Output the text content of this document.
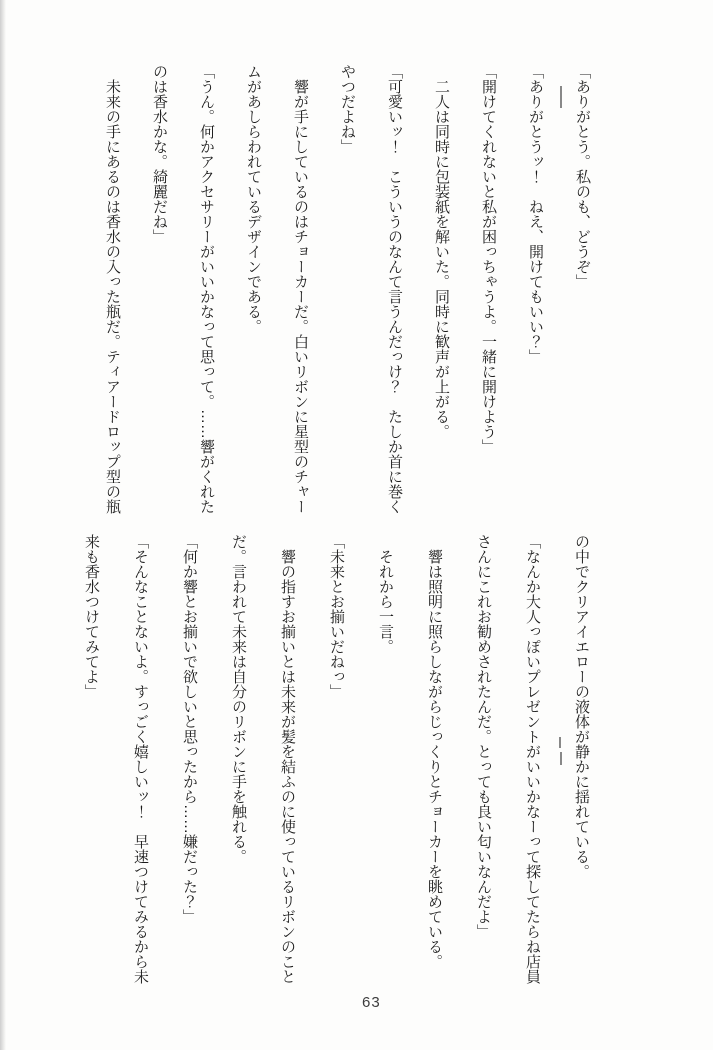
「ありがとう。私のも、どうぞ」
「ありがとうッ！　ねえ、開けてもいい？」
「開けてくれないと私が困っちゃうよ。一緒に開けよう」
二人は同時に包装紙を解いた。同時に歓声が上がる。
「可愛いッ！　こういうのなんて言うんだっけ？　たしか首に巻く
やつだよね」
響が手にしているのはチョーカーだ。白いリボンに星型のチャー
ムがあしらわれているデザインである。
「うん。何かアクセサリーがいいかなって思って。……響がくれた
のは香水かな。綺麗だね」
未来の手にあるのは香水の入った瓶だ。ティアードロップ型の瓶
の中でクリアイエローの液体が静かに揺れている。
「なんか大人っぽいプレゼントがいいかなーって探してたらね店員
さんにこれお勧めされたんだ。とっても良い匂いなんだよ」
響は照明に照らしながらじっくりとチョーカーを眺めている。
それから一言。
「未来とお揃いだねっ」
響の指すお揃いとは未来が髪を結ふのに使っているリボンのこと
だ。言われて未来は自分のリボンに手を触れる。
「何か響とお揃いで欲しいと思ったから……嫌だった？」
「そんなことないよ。すっごく嬉しいッ！　早速つけてみるから未
来も香水つけてみてよ」
63
